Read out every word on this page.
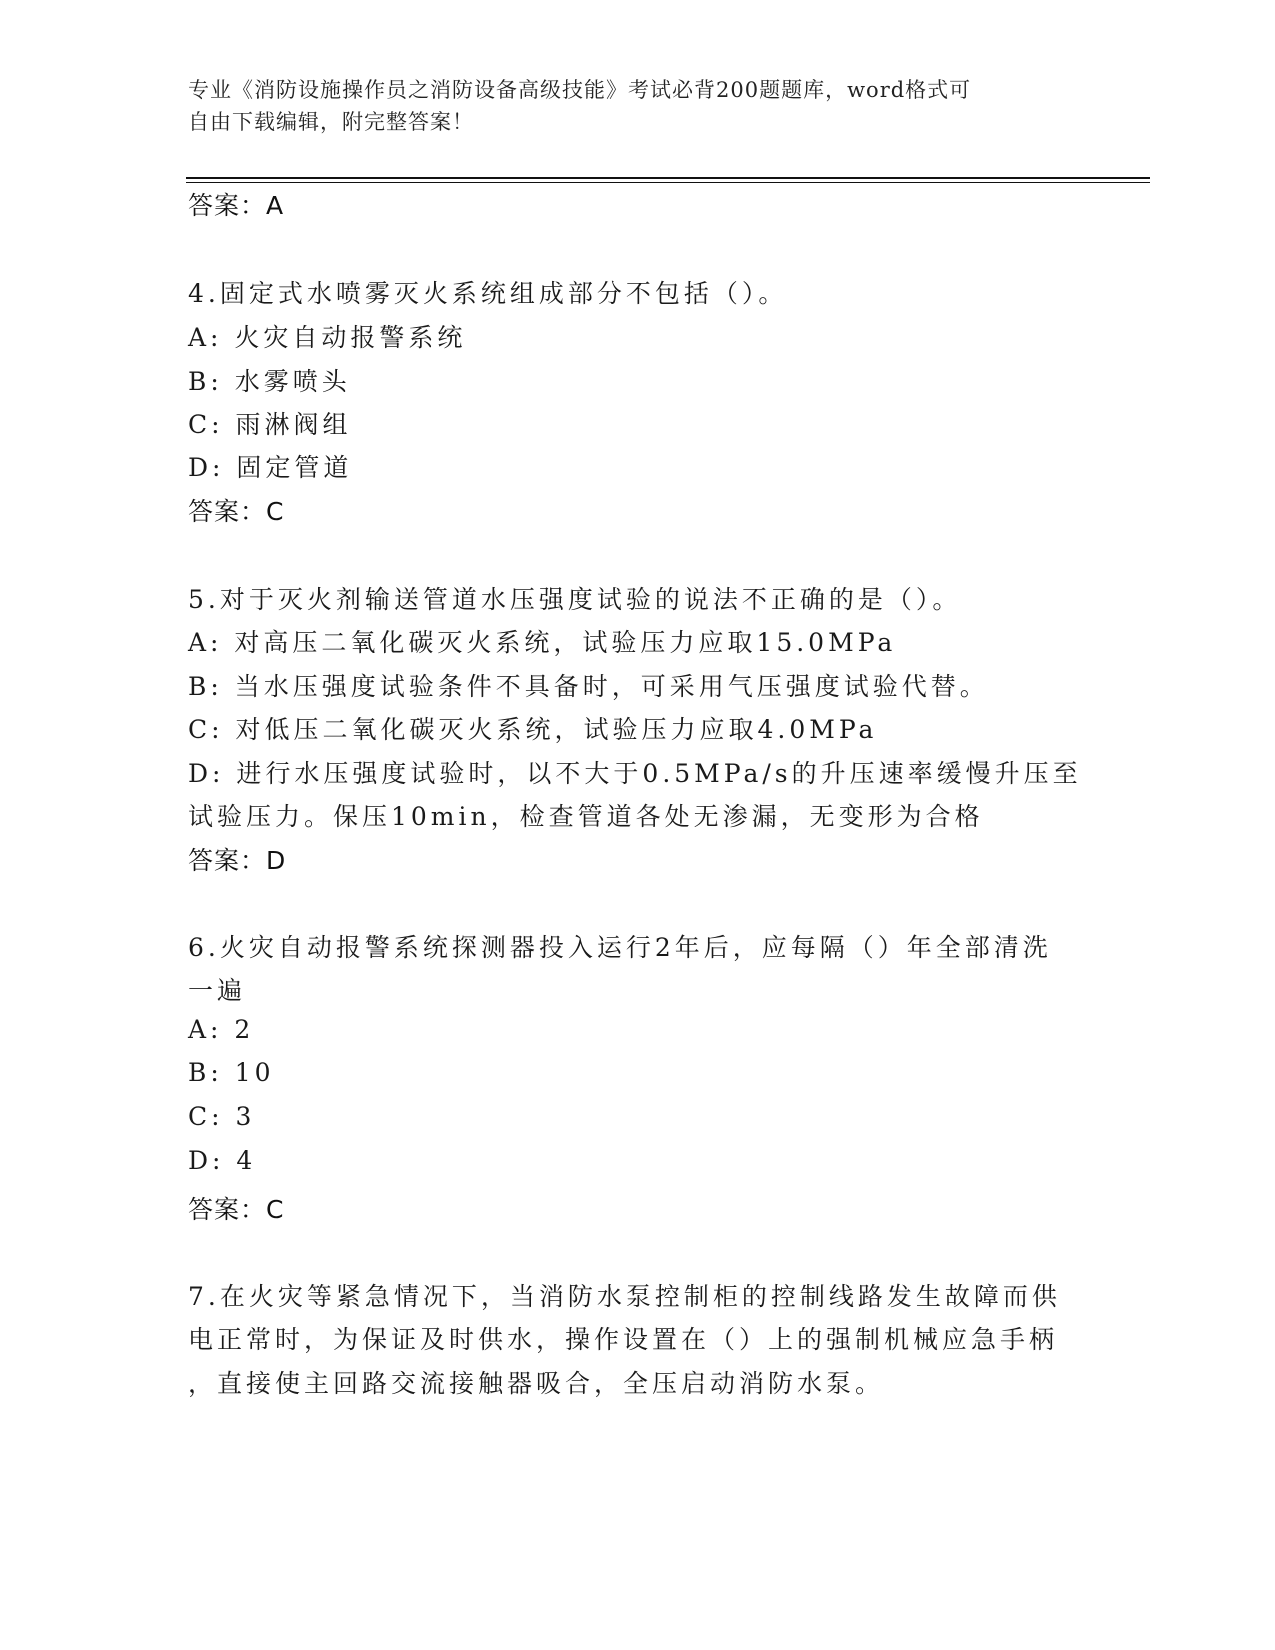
专业《消防设施操作员之消防设备高级技能》考试必背200题题库，word格式可
自由下载编辑，附完整答案！
答案：A
4.固定式水喷雾灭火系统组成部分不包括（）。
A: 火灾自动报警系统
B: 水雾喷头
C: 雨淋阀组
D: 固定管道
答案：C
5.对于灭火剂输送管道水压强度试验的说法不正确的是（）。
A: 对高压二氧化碳灭火系统，试验压力应取15.0MPa
B: 当水压强度试验条件不具备时，可采用气压强度试验代替。
C: 对低压二氧化碳灭火系统，试验压力应取4.0MPa
D: 进行水压强度试验时，以不大于0.5MPa/s的升压速率缓慢升压至
试验压力。保压10min，检查管道各处无渗漏，无变形为合格
答案：D
6.火灾自动报警系统探测器投入运行2年后，应每隔（）年全部清洗
一遍
A: 2
B: 10
C: 3
D: 4
答案：C
7.在火灾等紧急情况下，当消防水泵控制柜的控制线路发生故障而供
电正常时，为保证及时供水，操作设置在（）上的强制机械应急手柄
，直接使主回路交流接触器吸合，全压启动消防水泵。
